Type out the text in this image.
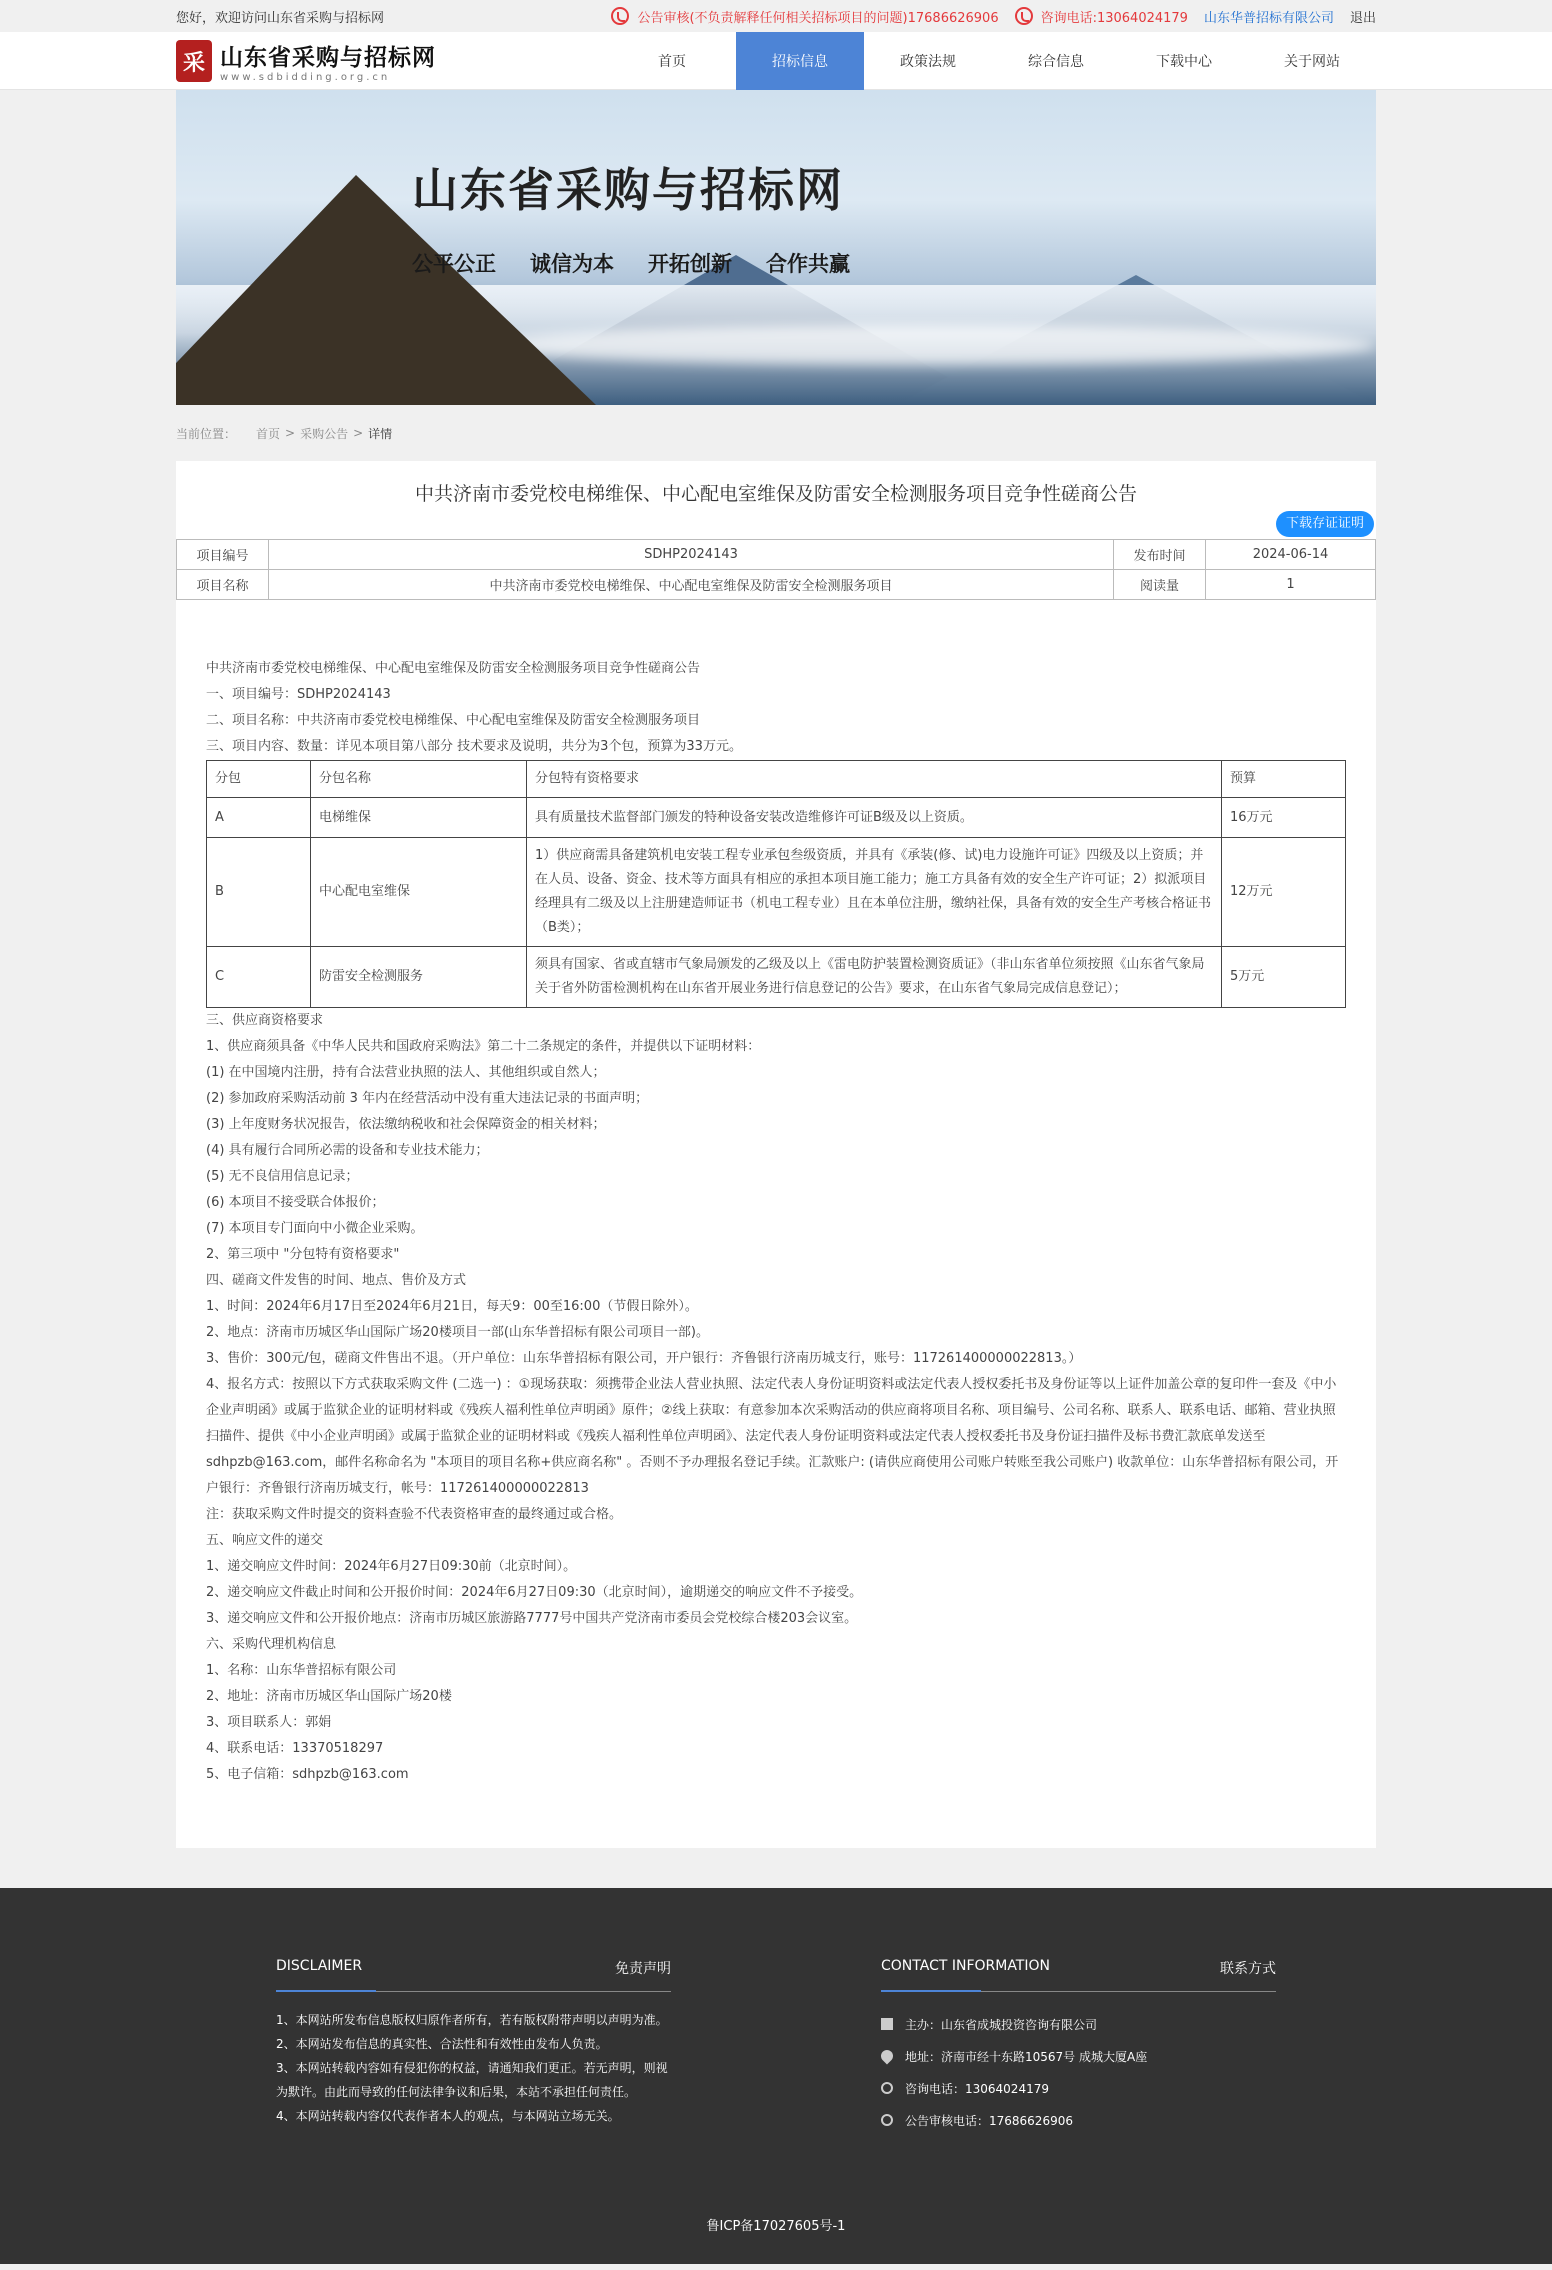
您好，欢迎访问山东省采购与招标网	公告审核(不负责解释任何相关招标项目的问题)17686626906	咨询电话:13064024179 山东华普招标有限公司 退出
采 山东省采购与招标网
www.sdbidding.org.cn
首页	招标信息	政策法规	综合信息	下载中心	关于网站
山东省采购与招标网
公平公正 诚信为本 开拓创新 合作共赢
当前位置： 首页 > 采购公告 > 详情
中共济南市委党校电梯维保、中心配电室维保及防雷安全检测服务项目竞争性磋商公告
下载存证证明
项目编号	SDHP2024143	发布时间	2024-06-14
项目名称	中共济南市委党校电梯维保、中心配电室维保及防雷安全检测服务项目	阅读量	1

中共济南市委党校电梯维保、中心配电室维保及防雷安全检测服务项目竞争性磋商公告

一、项目编号：SDHP2024143

二、项目名称：中共济南市委党校电梯维保、中心配电室维保及防雷安全检测服务项目

三、项目内容、数量：详见本项目第八部分 技术要求及说明，共分为3个包，预算为33万元。

分包	分包名称	分包特有资格要求	预算
A	电梯维保	具有质量技术监督部门颁发的特种设备安装改造维修许可证B级及以上资质。	16万元
B	中心配电室维保	1）供应商需具备建筑机电安装工程专业承包叁级资质，并具有《承装(修、试)电力设施许可证》四级及以上资质；并在人员、设备、资金、技术等方面具有相应的承担本项目施工能力；施工方具备有效的安全生产许可证；2）拟派项目经理具有二级及以上注册建造师证书（机电工程专业）且在本单位注册，缴纳社保，具备有效的安全生产考核合格证书（B类）；	12万元
C	防雷安全检测服务	须具有国家、省或直辖市气象局颁发的乙级及以上《雷电防护装置检测资质证》（非山东省单位须按照《山东省气象局关于省外防雷检测机构在山东省开展业务进行信息登记的公告》要求，在山东省气象局完成信息登记）；	5万元

三、供应商资格要求

1、供应商须具备《中华人民共和国政府采购法》第二十二条规定的条件，并提供以下证明材料：

(1) 在中国境内注册，持有合法营业执照的法人、其他组织或自然人；

(2) 参加政府采购活动前 3 年内在经营活动中没有重大违法记录的书面声明；

(3) 上年度财务状况报告，依法缴纳税收和社会保障资金的相关材料；

(4) 具有履行合同所必需的设备和专业技术能力；

(5) 无不良信用信息记录；

(6) 本项目不接受联合体报价；

(7) 本项目专门面向中小微企业采购。

2、第三项中 "分包特有资格要求"

四、磋商文件发售的时间、地点、售价及方式

1、时间：2024年6月17日至2024年6月21日，每天9：00至16:00（节假日除外）。

2、地点：济南市历城区华山国际广场20楼项目一部(山东华普招标有限公司项目一部)。

3、售价：300元/包，磋商文件售出不退。（开户单位：山东华普招标有限公司，开户银行：齐鲁银行济南历城支行，账号：117261400000022813。）

4、报名方式：按照以下方式获取采购文件 (二选一) ：①现场获取：须携带企业法人营业执照、法定代表人身份证明资料或法定代表人授权委托书及身份证等以上证件加盖公章的复印件一套及《中小企业声明函》或属于监狱企业的证明材料或《残疾人福利性单位声明函》原件；②线上获取：有意参加本次采购活动的供应商将项目名称、项目编号、公司名称、联系人、联系电话、邮箱、营业执照扫描件、提供《中小企业声明函》或属于监狱企业的证明材料或《残疾人福利性单位声明函》、法定代表人身份证明资料或法定代表人授权委托书及身份证扫描件及标书费汇款底单发送至 sdhpzb@163.com，邮件名称命名为 "本项目的项目名称+供应商名称" 。否则不予办理报名登记手续。汇款账户: (请供应商使用公司账户转账至我公司账户) 收款单位：山东华普招标有限公司，开户银行：齐鲁银行济南历城支行，帐号：117261400000022813

注：获取采购文件时提交的资料查验不代表资格审查的最终通过或合格。

五、响应文件的递交

1、递交响应文件时间：2024年6月27日09:30前（北京时间）。

2、递交响应文件截止时间和公开报价时间：2024年6月27日09:30（北京时间），逾期递交的响应文件不予接受。

3、递交响应文件和公开报价地点：济南市历城区旅游路7777号中国共产党济南市委员会党校综合楼203会议室。

六、采购代理机构信息

1、名称：山东华普招标有限公司

2、地址：济南市历城区华山国际广场20楼

3、项目联系人：郭娟

4、联系电话：13370518297

5、电子信箱：sdhpzb@163.com

DISCLAIMER	免责声明

1、本网站所发布信息版权归原作者所有，若有版权附带声明以声明为准。

2、本网站发布信息的真实性、合法性和有效性由发布人负责。

3、本网站转载内容如有侵犯你的权益，请通知我们更正。若无声明，则视为默许。由此而导致的任何法律争议和后果，本站不承担任何责任。

4、本网站转载内容仅代表作者本人的观点，与本网站立场无关。

CONTACT INFORMATION	联系方式
主办：山东省成城投资咨询有限公司
地址：济南市经十东路10567号 成城大厦A座
咨询电话：13064024179
公告审核电话：17686626906
鲁ICP备17027605号-1
